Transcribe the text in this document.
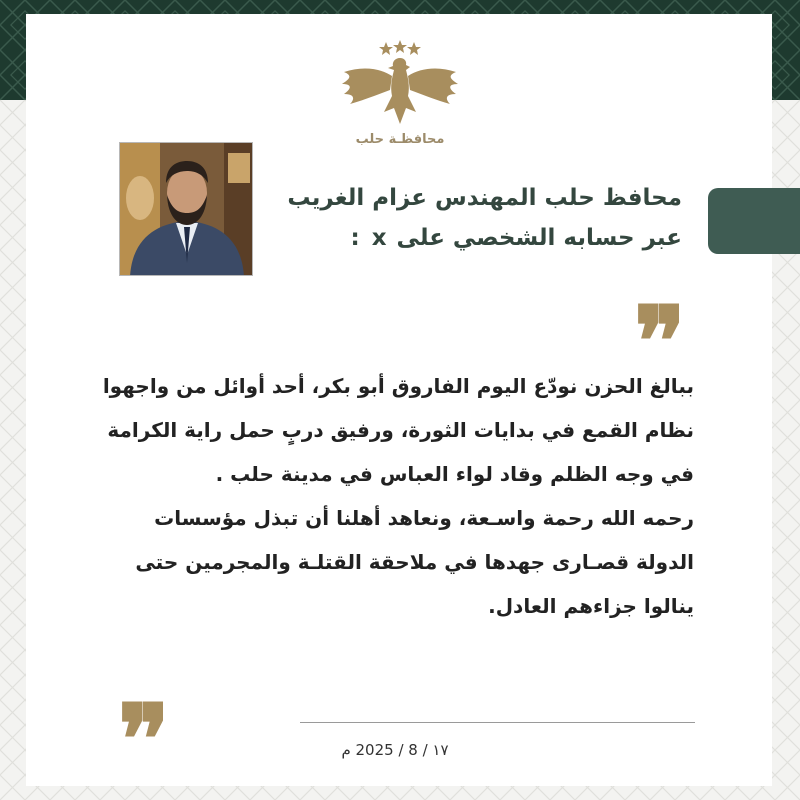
محافظـة حلب
محافظ حلب المهندس عزام الغريب
عبر حسابه الشخصي على x :
❞
❞

ببالغ الحزن نودّع اليوم الفاروق أبو بكر، أحد أوائل من واجهوا نظام القمع في بدايات الثورة، ورفيق دربٍ حمل راية الكرامة في وجه الظلم وقاد لواء العباس في مدينة حلب .

رحمه الله رحمة واسـعة، ونعاهد أهلنا أن تبذل مؤسسات الدولة قصـارى جهدها في ملاحقة القتلـة والمجرمين حتى ينالوا جزاءهم العادل.

١٧ / 8 / 2025 م
